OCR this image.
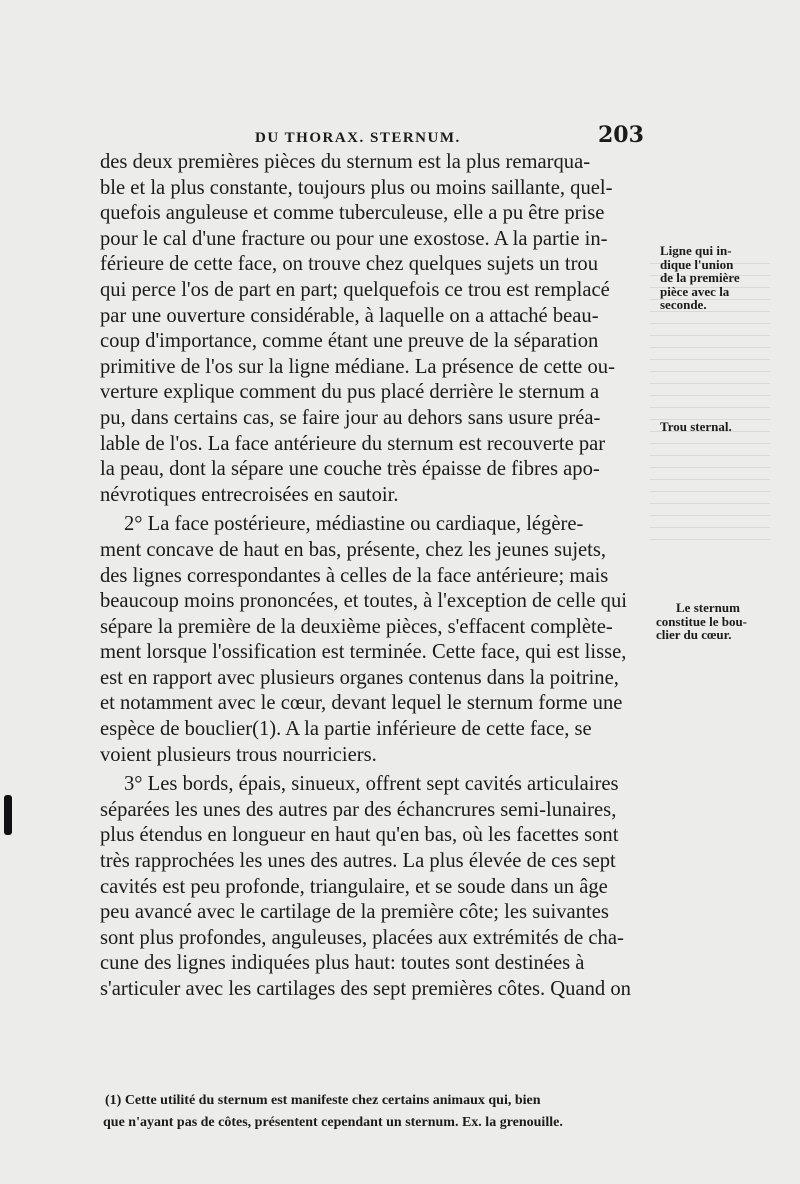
DU THORAX. STERNUM.	203

des deux premières pièces du sternum est la plus remarqua-

ble et la plus constante, toujours plus ou moins saillante, quel-

quefois anguleuse et comme tuberculeuse, elle a pu être prise

pour le cal d'une fracture ou pour une exostose. A la partie in-

férieure de cette face, on trouve chez quelques sujets un trou

qui perce l'os de part en part; quelquefois ce trou est remplacé

par une ouverture considérable, à laquelle on a attaché beau-

coup d'importance, comme étant une preuve de la séparation

primitive de l'os sur la ligne médiane. La présence de cette ou-

verture explique comment du pus placé derrière le sternum a

pu, dans certains cas, se faire jour au dehors sans usure préa-

lable de l'os. La face antérieure du sternum est recouverte par

la peau, dont la sépare une couche très épaisse de fibres apo-

névrotiques entrecroisées en sautoir.

2° La face postérieure, médiastine ou cardiaque, légère-

ment concave de haut en bas, présente, chez les jeunes sujets,

des lignes correspondantes à celles de la face antérieure; mais

beaucoup moins prononcées, et toutes, à l'exception de celle qui

sépare la première de la deuxième pièces, s'effacent complète-

ment lorsque l'ossification est terminée. Cette face, qui est lisse,

est en rapport avec plusieurs organes contenus dans la poitrine,

et notamment avec le cœur, devant lequel le sternum forme une

espèce de bouclier(1). A la partie inférieure de cette face, se

voient plusieurs trous nourriciers.

3° Les bords, épais, sinueux, offrent sept cavités articulaires

séparées les unes des autres par des échancrures semi-lunaires,

plus étendus en longueur en haut qu'en bas, où les facettes sont

très rapprochées les unes des autres. La plus élevée de ces sept

cavités est peu profonde, triangulaire, et se soude dans un âge

peu avancé avec le cartilage de la première côte; les suivantes

sont plus profondes, anguleuses, placées aux extrémités de cha-

cune des lignes indiquées plus haut: toutes sont destinées à

s'articuler avec les cartilages des sept premières côtes. Quand on

Ligne qui in-
dique l'union
de la première
pièce avec la
seconde.
Trou sternal.
Le sternum
constitue le bou-
clier du cœur.

(1) Cette utilité du sternum est manifeste chez certains animaux qui, bien

que n'ayant pas de côtes, présentent cependant un sternum. Ex. la grenouille.
